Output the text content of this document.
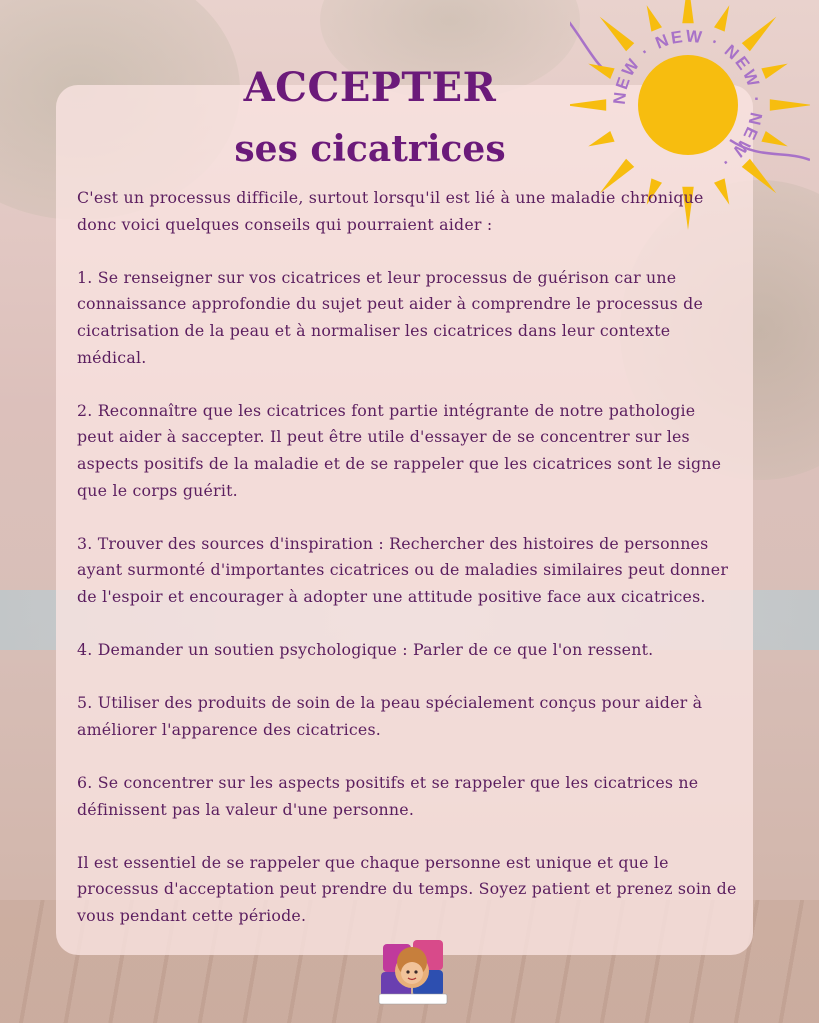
NEW · NEW · NEW · NEW ·
ACCEPTER
ses cicatrices

C'est un processus difficile, surtout lorsqu'il est lié à une maladie chronique donc voici quelques conseils qui pourraient aider :

1. Se renseigner sur vos cicatrices et leur processus de guérison car une connaissance approfondie du sujet peut aider à comprendre le processus de cicatrisation de la peau et à normaliser les cicatrices dans leur contexte médical.

2. Reconnaître que les cicatrices font partie intégrante de notre pathologie peut aider à saccepter. Il peut être utile d'essayer de se concentrer sur les aspects positifs de la maladie et de se rappeler que les cicatrices sont le signe que le corps guérit.

3. Trouver des sources d'inspiration : Rechercher des histoires de personnes ayant surmonté d'importantes cicatrices ou de maladies similaires peut donner de l'espoir et encourager à adopter une attitude positive face aux cicatrices.

4. Demander un soutien psychologique : Parler de ce que l'on ressent.

5. Utiliser des produits de soin de la peau spécialement conçus pour aider à améliorer l'apparence des cicatrices.

6. Se concentrer sur les aspects positifs et se rappeler que les cicatrices ne définissent pas la valeur d'une personne.

Il est essentiel de se rappeler que chaque personne est unique et que le processus d'acceptation peut prendre du temps. Soyez patient et prenez soin de vous pendant cette période.
